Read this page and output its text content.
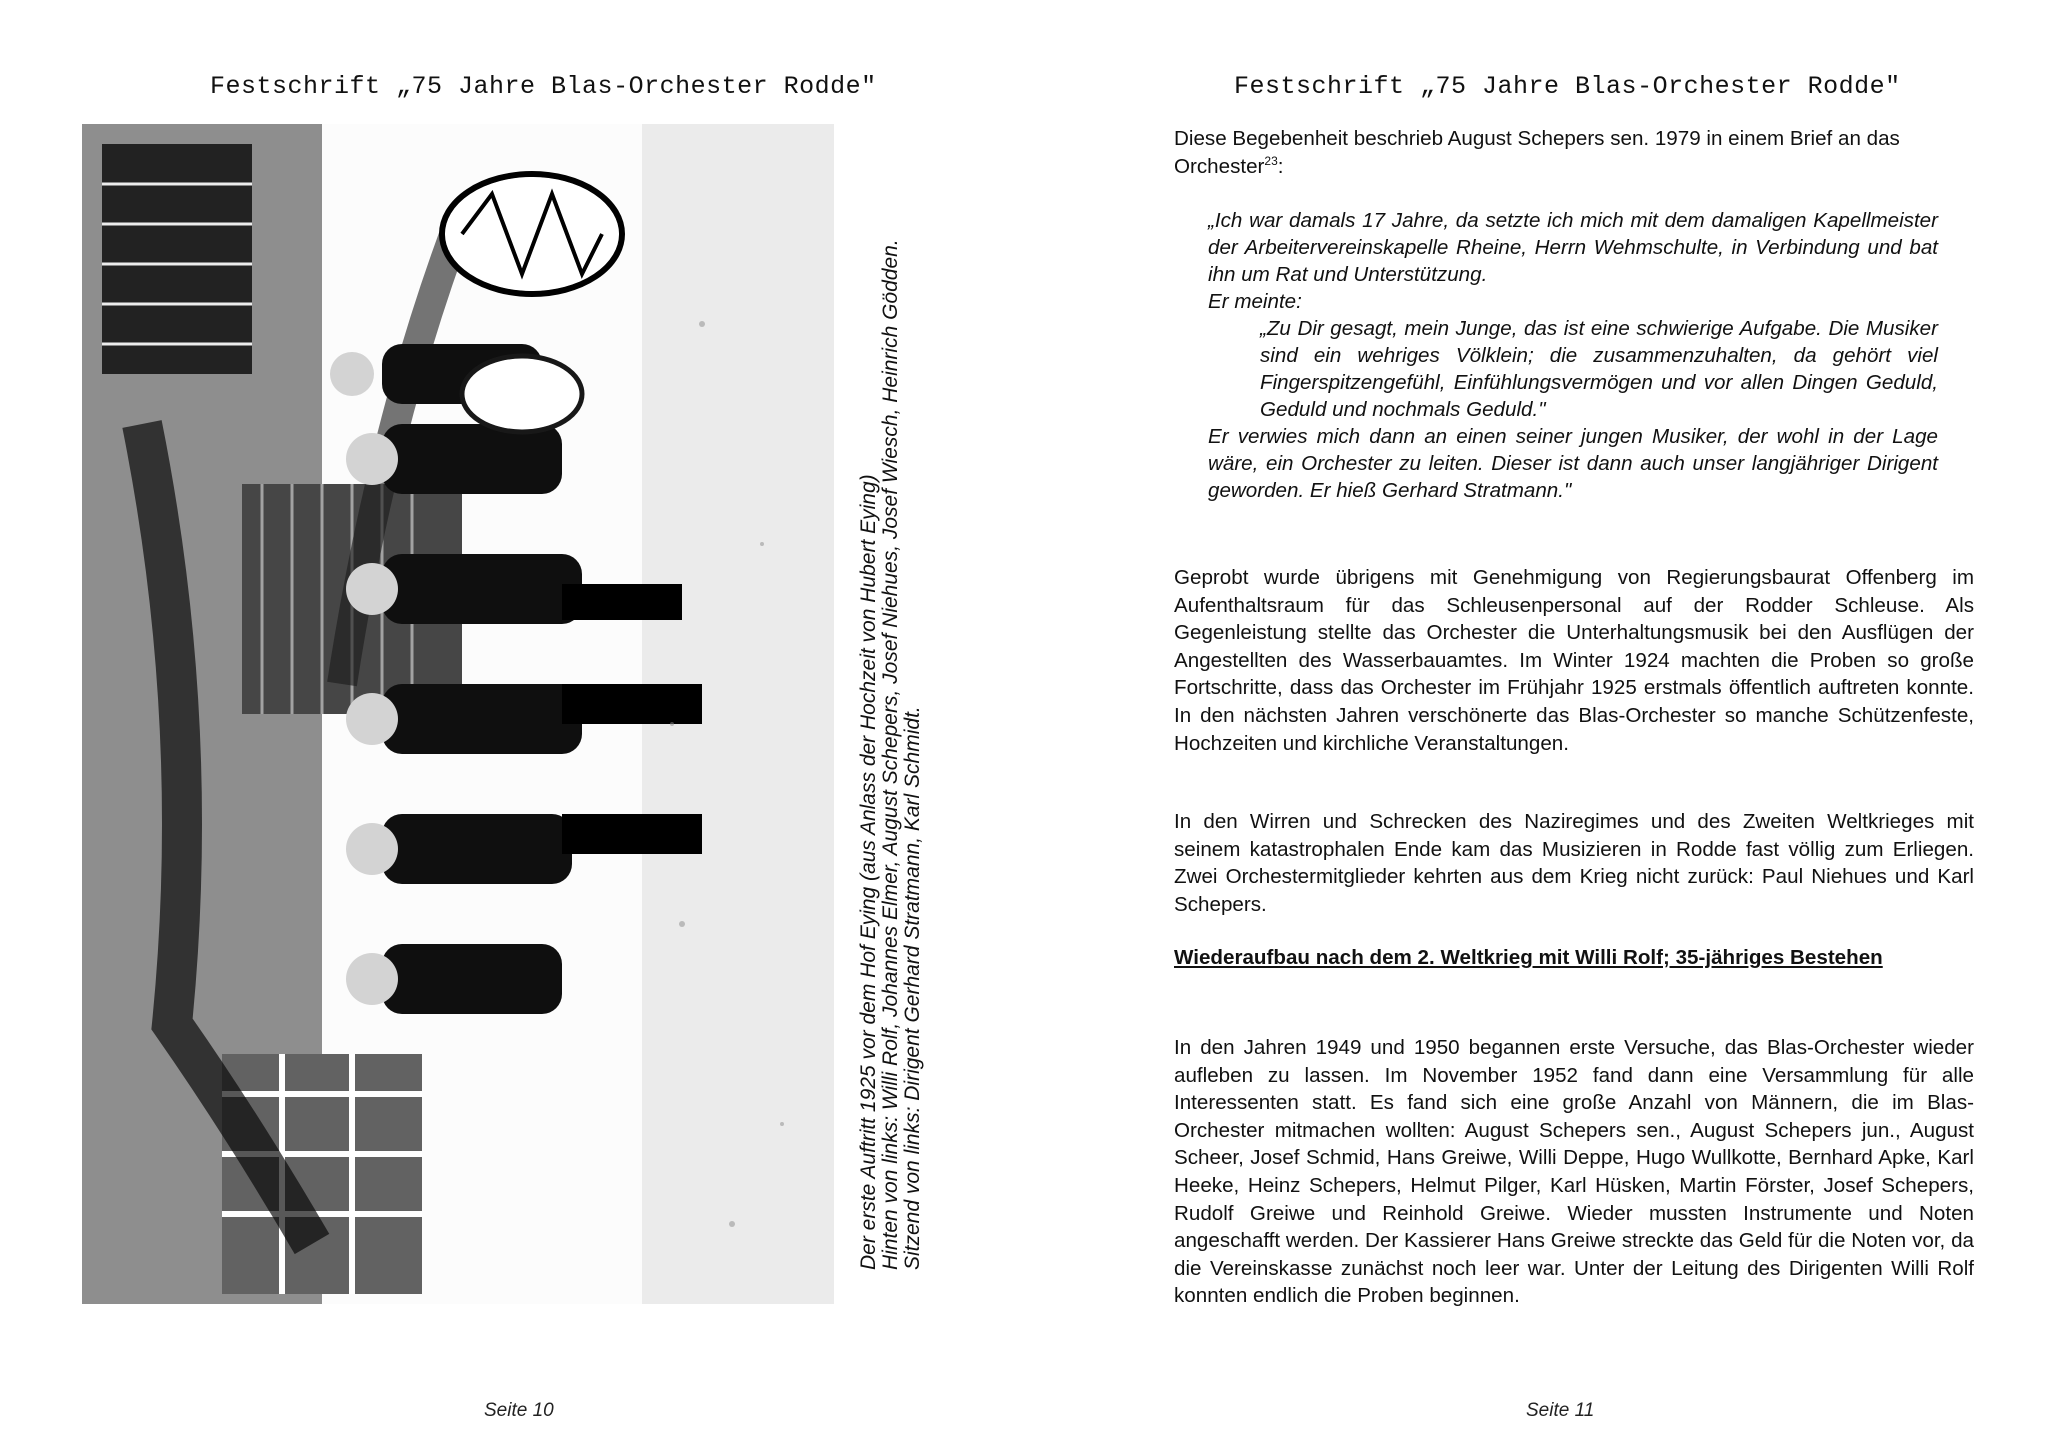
Festschrift „75 Jahre Blas-Orchester Rodde"
Der erste Auftritt 1925 vor dem Hof Eying (aus Anlass der Hochzeit von Hubert Eying) Hinten von links: Willi Rolf, Johannes Elmer, August Schepers, Josef Niehues, Josef Wiesch, Heinrich Gödden. Sitzend von links: Dirigent Gerhard Stratmann, Karl Schmidt.
Seite 10
Festschrift „75 Jahre Blas-Orchester Rodde"
Diese Begebenheit beschrieb August Schepers sen. 1979 in einem Brief an das Orchester$^{23}$:
„Ich war damals 17 Jahre, da setzte ich mich mit dem damaligen Kapellmeister der Arbeitervereinskapelle Rheine, Herrn Wehmschulte, in Verbindung und bat ihn um Rat und Unterstützung.
Er meinte:
„Zu Dir gesagt, mein Junge, das ist eine schwierige Aufgabe. Die Musiker sind ein wehriges Völklein; die zusammenzuhalten, da gehört viel Fingerspitzengefühl, Einfühlungsvermögen und vor allen Dingen Geduld, Geduld und nochmals Geduld."
Er verwies mich dann an einen seiner jungen Musiker, der wohl in der Lage wäre, ein Orchester zu leiten. Dieser ist dann auch unser langjähriger Dirigent geworden. Er hieß Gerhard Stratmann."
Geprobt wurde übrigens mit Genehmigung von Regierungsbaurat Offenberg im Aufenthaltsraum für das Schleusenpersonal auf der Rodder Schleuse. Als Gegenleistung stellte das Orchester die Unterhaltungsmusik bei den Ausflügen der Angestellten des Wasserbauamtes. Im Winter 1924 machten die Proben so große Fortschritte, dass das Orchester im Frühjahr 1925 erstmals öffentlich auftreten konnte. In den nächsten Jahren verschönerte das Blas-Orchester so manche Schützenfeste, Hochzeiten und kirchliche Veranstaltungen.
In den Wirren und Schrecken des Naziregimes und des Zweiten Weltkrieges mit seinem katastrophalen Ende kam das Musizieren in Rodde fast völlig zum Erliegen. Zwei Orchestermitglieder kehrten aus dem Krieg nicht zurück: Paul Niehues und Karl Schepers.
Wiederaufbau nach dem 2. Weltkrieg mit Willi Rolf; 35-jähriges Bestehen
In den Jahren 1949 und 1950 begannen erste Versuche, das Blas-Orchester wieder aufleben zu lassen. Im November 1952 fand dann eine Versammlung für alle Interessenten statt. Es fand sich eine große Anzahl von Männern, die im Blas-Orchester mitmachen wollten: August Schepers sen., August Schepers jun., August Scheer, Josef Schmid, Hans Greiwe, Willi Deppe, Hugo Wullkotte, Bernhard Apke, Karl Heeke, Heinz Schepers, Helmut Pilger, Karl Hüsken, Martin Förster, Josef Schepers, Rudolf Greiwe und Reinhold Greiwe. Wieder mussten Instrumente und Noten angeschafft werden. Der Kassierer Hans Greiwe streckte das Geld für die Noten vor, da die Vereinskasse zunächst noch leer war. Unter der Leitung des Dirigenten Willi Rolf konnten endlich die Proben beginnen.
Seite 11
